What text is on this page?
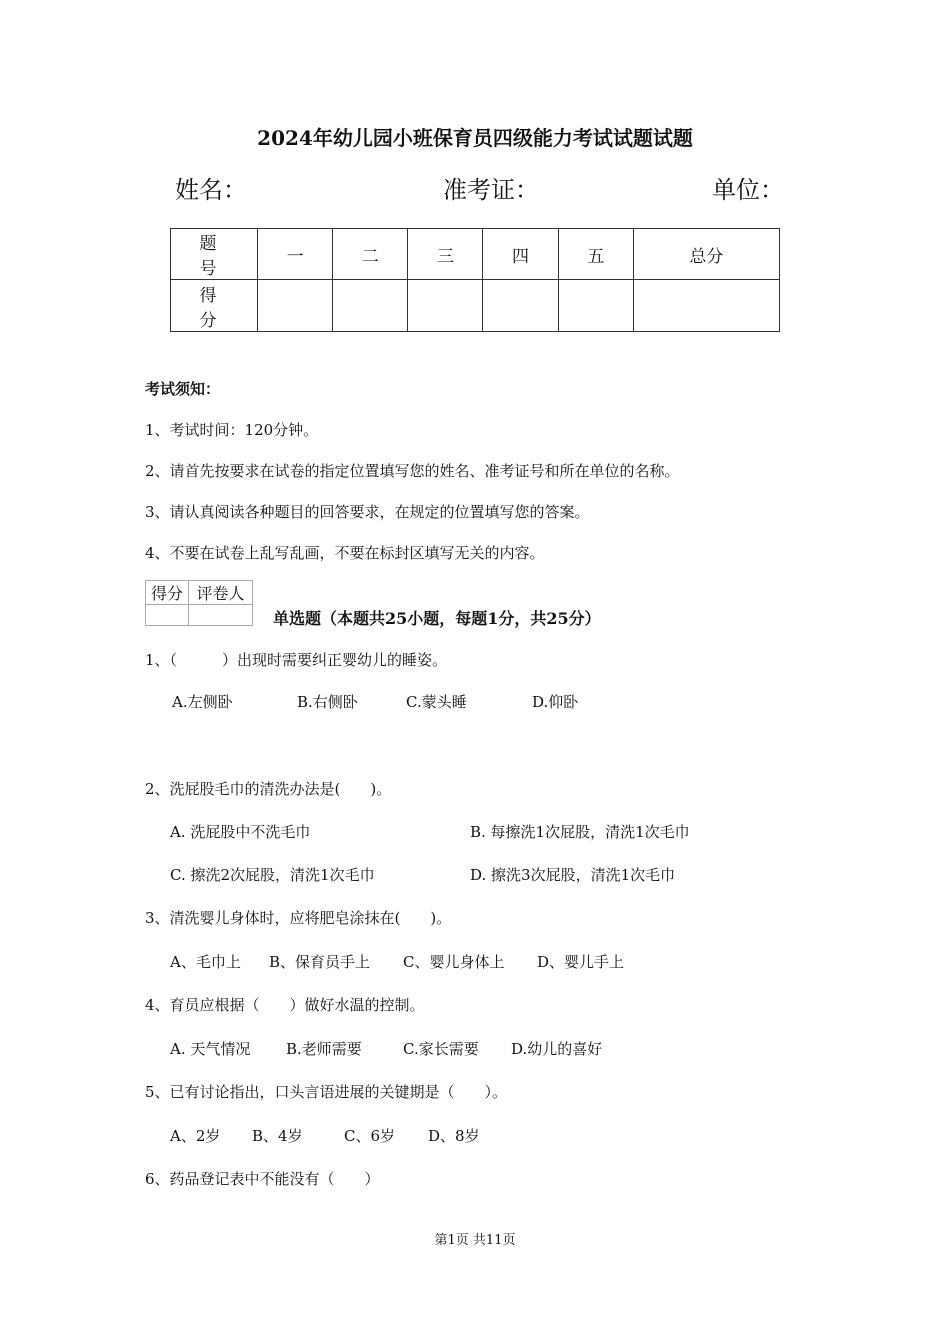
2024年幼儿园小班保育员四级能力考试试题试题
姓名：	准考证：	单位：
题　号	一	二	三	四	五	总分
得　分						
考试须知：
1、考试时间：120分钟。
2、请首先按要求在试卷的指定位置填写您的姓名、准考证号和所在单位的名称。
3、请认真阅读各种题目的回答要求，在规定的位置填写您的答案。
4、不要在试卷上乱写乱画，不要在标封区填写无关的内容。
得分	评卷人

单选题（本题共25小题，每题1分，共25分）
1、（　　　）出现时需要纠正婴幼儿的睡姿。
A.左侧卧	B.右侧卧	C.蒙头睡	D.仰卧
2、洗屁股毛巾的清洗办法是(　　)。
A. 洗屁股中不洗毛巾	B. 每擦洗1次屁股，清洗1次毛巾
C. 擦洗2次屁股，清洗1次毛巾	D. 擦洗3次屁股，清洗1次毛巾
3、清洗婴儿身体时，应将肥皂涂抹在(　　)。
A、毛巾上 B、保育员手上 C、婴儿身体上 D、婴儿手上
4、育员应根据（　　）做好水温的控制。
A. 天气情况 B.老师需要	C.家长需要 D.幼儿的喜好
5、已有讨论指出，口头言语进展的关键期是（　　）。
A、2岁 B、4岁	C、6岁 D、8岁
6、药品登记表中不能没有（　　）
第1页 共11页
